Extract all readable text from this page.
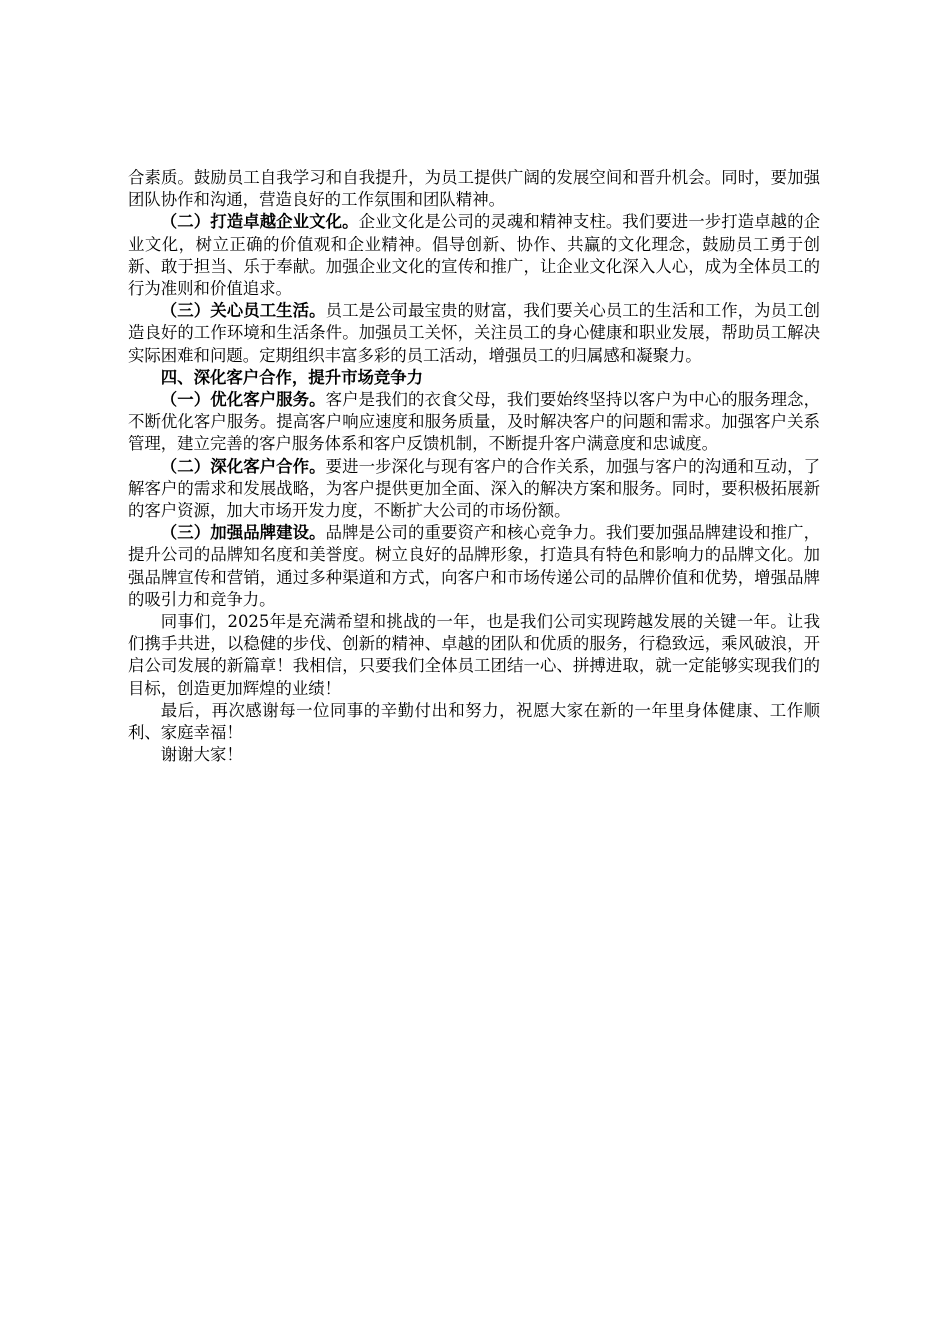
合素质。鼓励员工自我学习和自我提升，为员工提供广阔的发展空间和晋升机会。同时，要加强团队协作和沟通，营造良好的工作氛围和团队精神。

（二）打造卓越企业文化。企业文化是公司的灵魂和精神支柱。我们要进一步打造卓越的企业文化，树立正确的价值观和企业精神。倡导创新、协作、共赢的文化理念，鼓励员工勇于创新、敢于担当、乐于奉献。加强企业文化的宣传和推广，让企业文化深入人心，成为全体员工的行为准则和价值追求。

（三）关心员工生活。员工是公司最宝贵的财富，我们要关心员工的生活和工作，为员工创造良好的工作环境和生活条件。加强员工关怀，关注员工的身心健康和职业发展，帮助员工解决实际困难和问题。定期组织丰富多彩的员工活动，增强员工的归属感和凝聚力。

四、深化客户合作，提升市场竞争力

（一）优化客户服务。客户是我们的衣食父母，我们要始终坚持以客户为中心的服务理念，不断优化客户服务。提高客户响应速度和服务质量，及时解决客户的问题和需求。加强客户关系管理，建立完善的客户服务体系和客户反馈机制，不断提升客户满意度和忠诚度。

（二）深化客户合作。要进一步深化与现有客户的合作关系，加强与客户的沟通和互动，了解客户的需求和发展战略，为客户提供更加全面、深入的解决方案和服务。同时，要积极拓展新的客户资源，加大市场开发力度，不断扩大公司的市场份额。

（三）加强品牌建设。品牌是公司的重要资产和核心竞争力。我们要加强品牌建设和推广，提升公司的品牌知名度和美誉度。树立良好的品牌形象，打造具有特色和影响力的品牌文化。加强品牌宣传和营销，通过多种渠道和方式，向客户和市场传递公司的品牌价值和优势，增强品牌的吸引力和竞争力。

同事们，2025年是充满希望和挑战的一年，也是我们公司实现跨越发展的关键一年。让我们携手共进，以稳健的步伐、创新的精神、卓越的团队和优质的服务，行稳致远，乘风破浪，开启公司发展的新篇章！我相信，只要我们全体员工团结一心、拼搏进取，就一定能够实现我们的目标，创造更加辉煌的业绩！

最后，再次感谢每一位同事的辛勤付出和努力，祝愿大家在新的一年里身体健康、工作顺利、家庭幸福！

谢谢大家！
